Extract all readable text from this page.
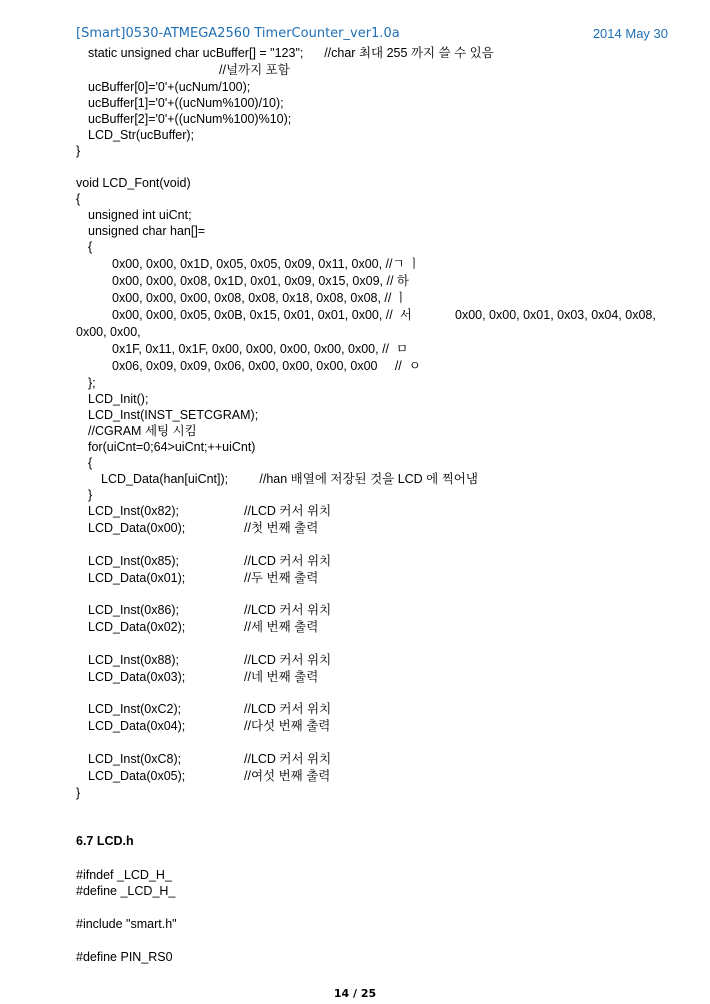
[Smart]0530-ATMEGA2560 TimerCounter_ver1.0a	2014 May 30
static unsigned char ucBuffer[] = "123";      //char 최대 255 까지 쓸 수 있음
//널까지 포함
ucBuffer[0]='0'+(ucNum/100);
ucBuffer[1]='0'+((ucNum%100)/10);
ucBuffer[2]='0'+((ucNum%100)%10);
LCD_Str(ucBuffer);
}
void LCD_Font(void)
{
unsigned int uiCnt;
unsigned char han[]=
{
0x00, 0x00, 0x1D, 0x05, 0x05, 0x09, 0x11, 0x00, //ㄱ ㅣ
0x00, 0x00, 0x08, 0x1D, 0x01, 0x09, 0x15, 0x09, // 하
0x00, 0x00, 0x00, 0x08, 0x08, 0x18, 0x08, 0x08, // ㅣ
0x00, 0x00, 0x05, 0x0B, 0x15, 0x01, 0x01, 0x00, //  서	0x00, 0x00, 0x01, 0x03, 0x04, 0x08,
0x00, 0x00,
0x1F, 0x11, 0x1F, 0x00, 0x00, 0x00, 0x00, 0x00, //  ㅁ
0x06, 0x09, 0x09, 0x06, 0x00, 0x00, 0x00, 0x00     //  ㅇ
};
LCD_Init();
LCD_Inst(INST_SETCGRAM);
//CGRAM 세팅 시킴
for(uiCnt=0;64>uiCnt;++uiCnt)
{
LCD_Data(han[uiCnt]);         //han 배열에 저장된 것을 LCD 에 찍어냄
}
LCD_Inst(0x82);	//LCD 커서 위치
LCD_Data(0x00);	//첫 번째 출력
LCD_Inst(0x85);	//LCD 커서 위치
LCD_Data(0x01);	//두 번째 출력
LCD_Inst(0x86);	//LCD 커서 위치
LCD_Data(0x02);	//세 번째 출력
LCD_Inst(0x88);	//LCD 커서 위치
LCD_Data(0x03);	//네 번째 출력
LCD_Inst(0xC2);	//LCD 커서 위치
LCD_Data(0x04);	//다섯 번째 출력
LCD_Inst(0xC8);	//LCD 커서 위치
LCD_Data(0x05);	//여섯 번째 출력
}
6.7 LCD.h
#ifndef _LCD_H_
#define _LCD_H_
#include "smart.h"
#define PIN_RS0
14 / 25
